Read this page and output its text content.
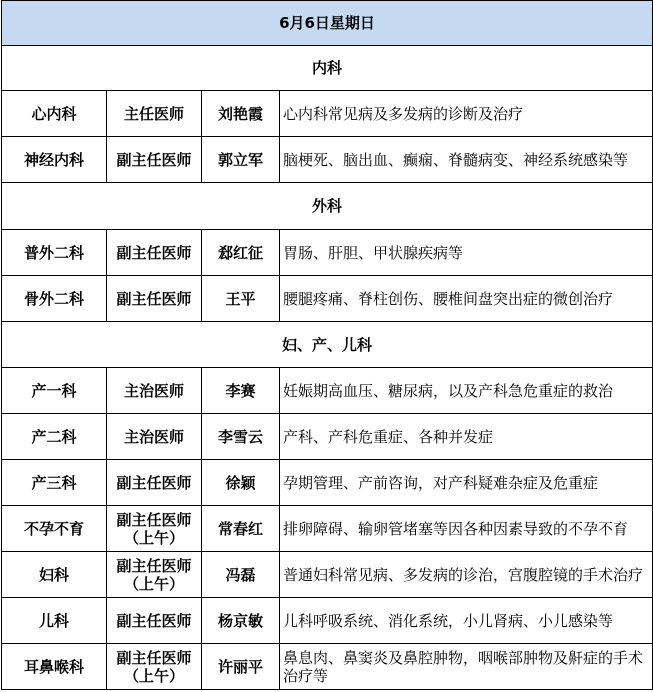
6月6日星期日			
内科			
心内科	主任医师	刘艳霞	心内科常见病及多发病的诊断及治疗
神经内科	副主任医师	郭立军	脑梗死、脑出血、癫痫、脊髓病变、神经系统感染等
外科			
普外二科	副主任医师	郄红征	胃肠、肝胆、甲状腺疾病等
骨外二科	副主任医师	王平	腰腿疼痛、脊柱创伤、腰椎间盘突出症的微创治疗
妇、产、儿科			
产一科	主治医师	李赛	妊娠期高血压、糖尿病，以及产科急危重症的救治
产二科	主治医师	李雪云	产科、产科危重症、各种并发症
产三科	副主任医师	徐颖	孕期管理、产前咨询，对产科疑难杂症及危重症
不孕不育	副主任医师（上午）	常春红	排卵障碍、输卵管堵塞等因各种因素导致的不孕不育
妇科	副主任医师（上午）	冯磊	普通妇科常见病、多发病的诊治，宫腹腔镜的手术治疗
儿科	副主任医师	杨京敏	儿科呼吸系统、消化系统，小儿肾病、小儿感染等
耳鼻喉科	副主任医师（上午）	许丽平	鼻息肉、鼻窦炎及鼻腔肿物，咽喉部肿物及鼾症的手术治疗等
